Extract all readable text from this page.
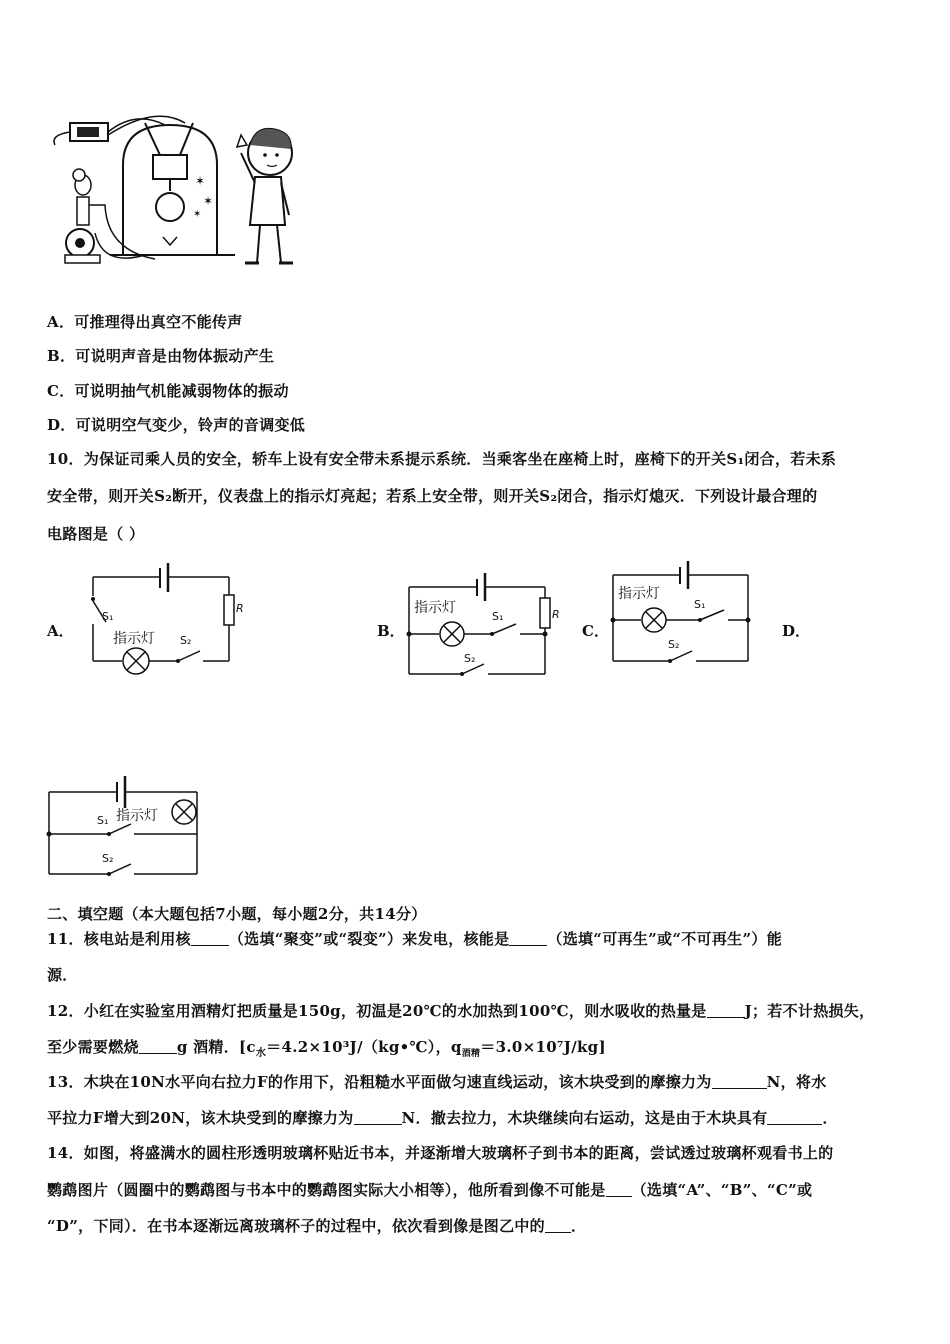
✶
✶
✶
A．可推理得出真空不能传声
B．可说明声音是由物体振动产生
C．可说明抽气机能减弱物体的振动
D．可说明空气变少，铃声的音调变低
10．为保证司乘人员的安全，轿车上设有安全带未系提示系统．当乘客坐在座椅上时，座椅下的开关S₁闭合，若未系
安全带，则开关S₂断开，仪表盘上的指示灯亮起；若系上安全带，则开关S₂闭合，指示灯熄灭．下列设计最合理的
电路图是（ ）
A．	B．	C．	D．
S₁
R
指示灯 S₂
指示灯
S₁	R
S₂
指示灯
S₁
S₂
S₁ 指示灯
S₂
二、填空题（本大题包括7小题，每小题2分，共14分）
11．核电站是利用核	（选填“聚变”或“裂变”）来发电，核能是	（选填“可再生”或“不可再生”）能
源．
12．小红在实验室用酒精灯把质量是150g，初温是20℃的水加热到100℃，则水吸收的热量是	J；若不计热损失，
至少需要燃烧	g 酒精．[$c_水=4.2\times 10^3J/(kg•℃)$，$q_{酒精}=3.0\times 10^7J/kg$]
13．木块在10N水平向右拉力F的作用下，沿粗糙水平面做匀速直线运动，该木块受到的摩擦力为	N，将水
平拉力F增大到20N，该木块受到的摩擦力为	N．撤去拉力，木块继续向右运动，这是由于木块具有	．
14．如图，将盛满水的圆柱形透明玻璃杯贴近书本，并逐渐增大玻璃杯子到书本的距离，尝试透过玻璃杯观看书上的
鹦鹉图片（圆圈中的鹦鹉图与书本中的鹦鹉图实际大小相等），他所看到像不可能是 （选填“A”、“B”、“C”或
“D”，下同）．在书本逐渐远离玻璃杯子的过程中，依次看到像是图乙中的 ．
